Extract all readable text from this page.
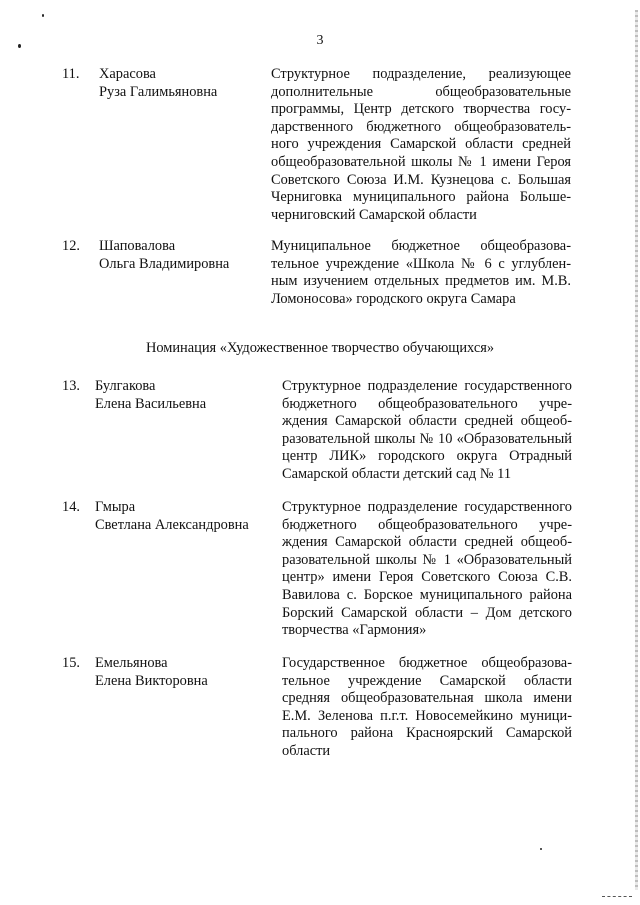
3
11. Харасова
Руза Галимьяновна
Структурное подразделение, реализующее дополнительные общеобразовательные программы, Центр детского творчества государственного бюджетного общеобразовательного учреждения Самарской области средней общеобразовательной школы № 1 имени Героя Советского Союза И.М. Кузнецова с. Большая Черниговка муниципального района Большечерниговский Самарской области
12. Шаповалова
Ольга Владимировна
Муниципальное бюджетное общеобразовательное учреждение «Школа № 6 с углубленным изучением отдельных предметов им. М.В. Ломоносова» городского округа Самара
Номинация «Художественное творчество обучающихся»
13. Булгакова
Елена Васильевна
Структурное подразделение государственного бюджетного общеобразовательного учреждения Самарской области средней общеобразовательной школы № 10 «Образовательный центр ЛИК» городского округа Отрадный Самарской области детский сад № 11
14. Гмыра
Светлана Александровна
Структурное подразделение государственного бюджетного общеобразовательного учреждения Самарской области средней общеобразовательной школы № 1 «Образовательный центр» имени Героя Советского Союза С.В. Вавилова с. Борское муниципального района Борский Самарской области – Дом детского творчества «Гармония»
15. Емельянова
Елена Викторовна
Государственное бюджетное общеобразовательное учреждение Самарской области средняя общеобразовательная школа имени Е.М. Зеленова п.г.т. Новосемейкино муниципального района Красноярский Самарской области
